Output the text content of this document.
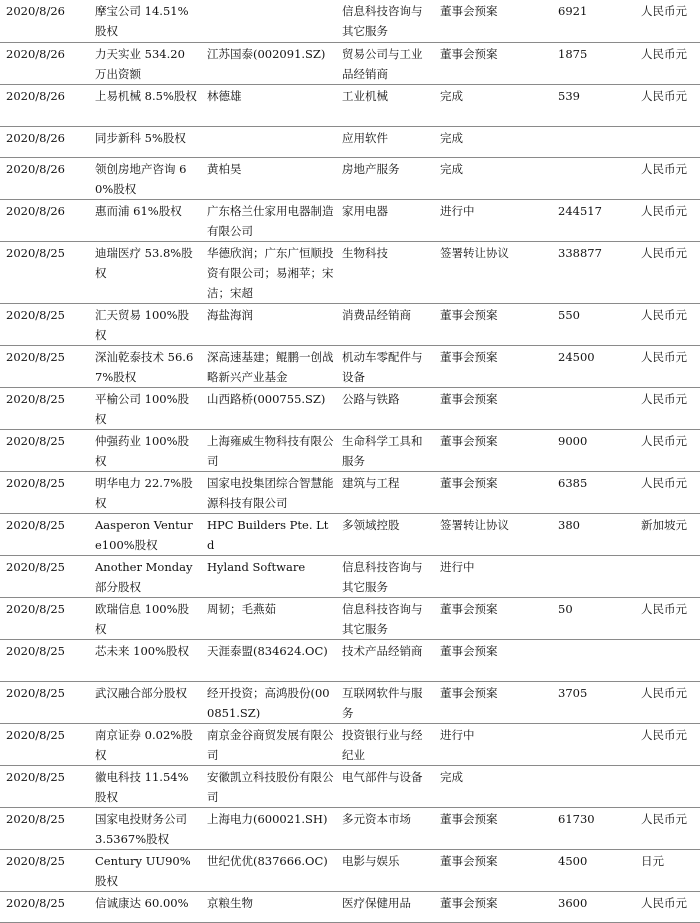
2020/8/26	摩宝公司 14.51%股权		信息科技咨询与其它服务	董事会预案	6921	人民币元
2020/8/26	力天实业 534.20 万出资额	江苏国泰(002091.SZ)	贸易公司与工业品经销商	董事会预案	1875	人民币元
2020/8/26	上易机械 8.5%股权	林德雄	工业机械	完成	539	人民币元
2020/8/26	同步新科 5%股权		应用软件	完成		
2020/8/26	领创房地产咨询 60%股权	黄柏昊	房地产服务	完成		人民币元
2020/8/26	惠而浦 61%股权	广东格兰仕家用电器制造有限公司	家用电器	进行中	244517	人民币元
2020/8/25	迪瑞医疗 53.8%股权	华德欣润；广东广恒顺投资有限公司；易湘苹；宋洁；宋超	生物科技	签署转让协议	338877	人民币元
2020/8/25	汇天贸易 100%股权	海盐海润	消费品经销商	董事会预案	550	人民币元
2020/8/25	深汕乾泰技术 56.67%股权	深高速基建；鲲鹏一创战略新兴产业基金	机动车零配件与设备	董事会预案	24500	人民币元
2020/8/25	平榆公司 100%股权	山西路桥(000755.SZ)	公路与铁路	董事会预案		人民币元
2020/8/25	仲强药业 100%股权	上海雍威生物科技有限公司	生命科学工具和服务	董事会预案	9000	人民币元
2020/8/25	明华电力 22.7%股权	国家电投集团综合智慧能源科技有限公司	建筑与工程	董事会预案	6385	人民币元
2020/8/25	Aasperon Venture100%股权	HPC Builders Pte. Ltd	多领域控股	签署转让协议	380	新加坡元
2020/8/25	Another Monday 部分股权	Hyland Software	信息科技咨询与其它服务	进行中		
2020/8/25	欧瑞信息 100%股权	周韧；毛燕茹	信息科技咨询与其它服务	董事会预案	50	人民币元
2020/8/25	芯未来 100%股权	天涯泰盟(834624.OC)	技术产品经销商	董事会预案		
2020/8/25	武汉融合部分股权	经开投资；高鸿股份(000851.SZ)	互联网软件与服务	董事会预案	3705	人民币元
2020/8/25	南京证券 0.02%股权	南京金谷商贸发展有限公司	投资银行业与经纪业	进行中		人民币元
2020/8/25	徽电科技 11.54%股权	安徽凯立科技股份有限公司	电气部件与设备	完成		
2020/8/25	国家电投财务公司 3.5367%股权	上海电力(600021.SH)	多元资本市场	董事会预案	61730	人民币元
2020/8/25	Century UU90%股权	世纪优优(837666.OC)	电影与娱乐	董事会预案	4500	日元
2020/8/25	信诚康达 60.00%	京粮生物	医疗保健用品	董事会预案	3600	人民币元
